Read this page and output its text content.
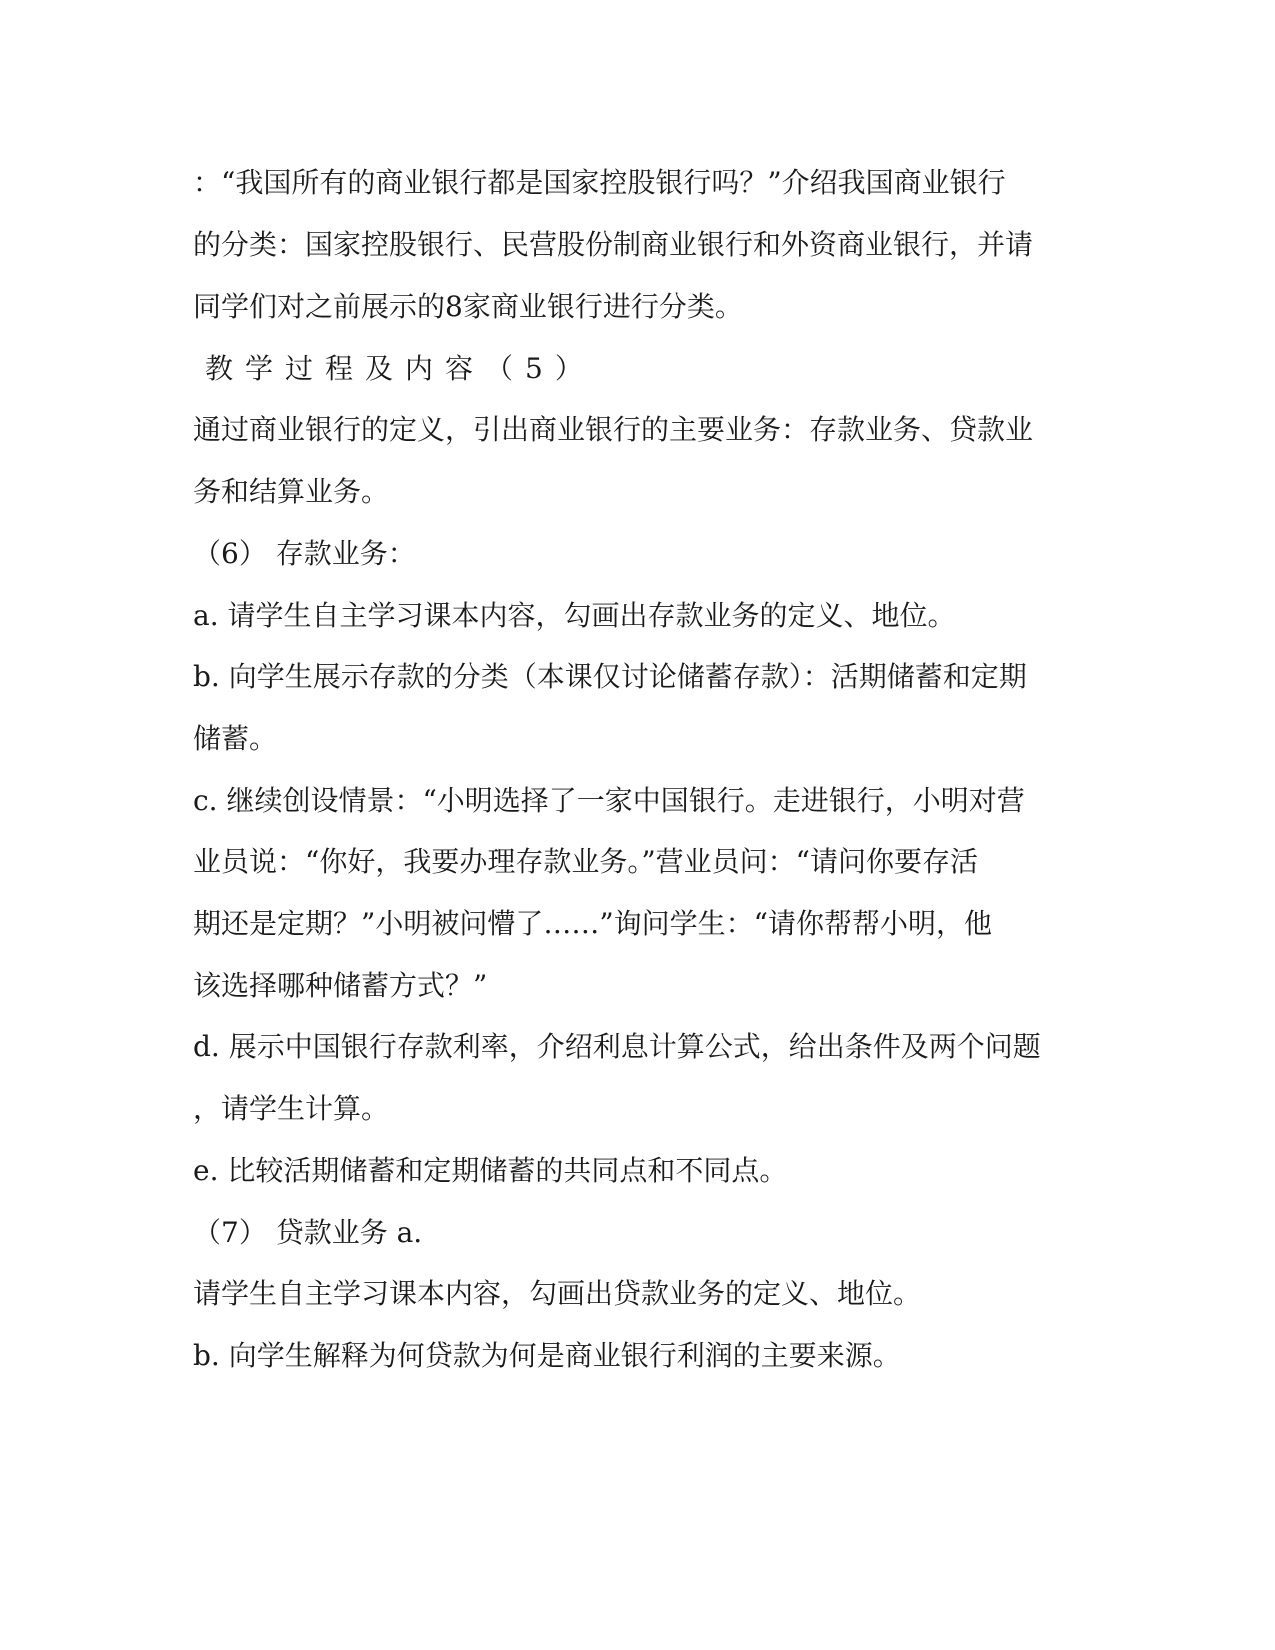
：“我国所有的商业银行都是国家控股银行吗？”介绍我国商业银行
的分类：国家控股银行、民营股份制商业银行和外资商业银行，并请
同学们对之前展示的8家商业银行进行分类。
教学过程及内容（5）
通过商业银行的定义，引出商业银行的主要业务：存款业务、贷款业
务和结算业务。
（6） 存款业务：
a. 请学生自主学习课本内容，勾画出存款业务的定义、地位。
b. 向学生展示存款的分类（本课仅讨论储蓄存款）：活期储蓄和定期
储蓄。
c. 继续创设情景：“小明选择了一家中国银行。走进银行，小明对营
业员说：“你好，我要办理存款业务。”营业员问：“请问你要存活
期还是定期？”小明被问懵了……”询问学生：“请你帮帮小明，他
该选择哪种储蓄方式？”
d. 展示中国银行存款利率，介绍利息计算公式，给出条件及两个问题
，请学生计算。
e. 比较活期储蓄和定期储蓄的共同点和不同点。
（7） 贷款业务 a.
请学生自主学习课本内容，勾画出贷款业务的定义、地位。
b. 向学生解释为何贷款为何是商业银行利润的主要来源。
